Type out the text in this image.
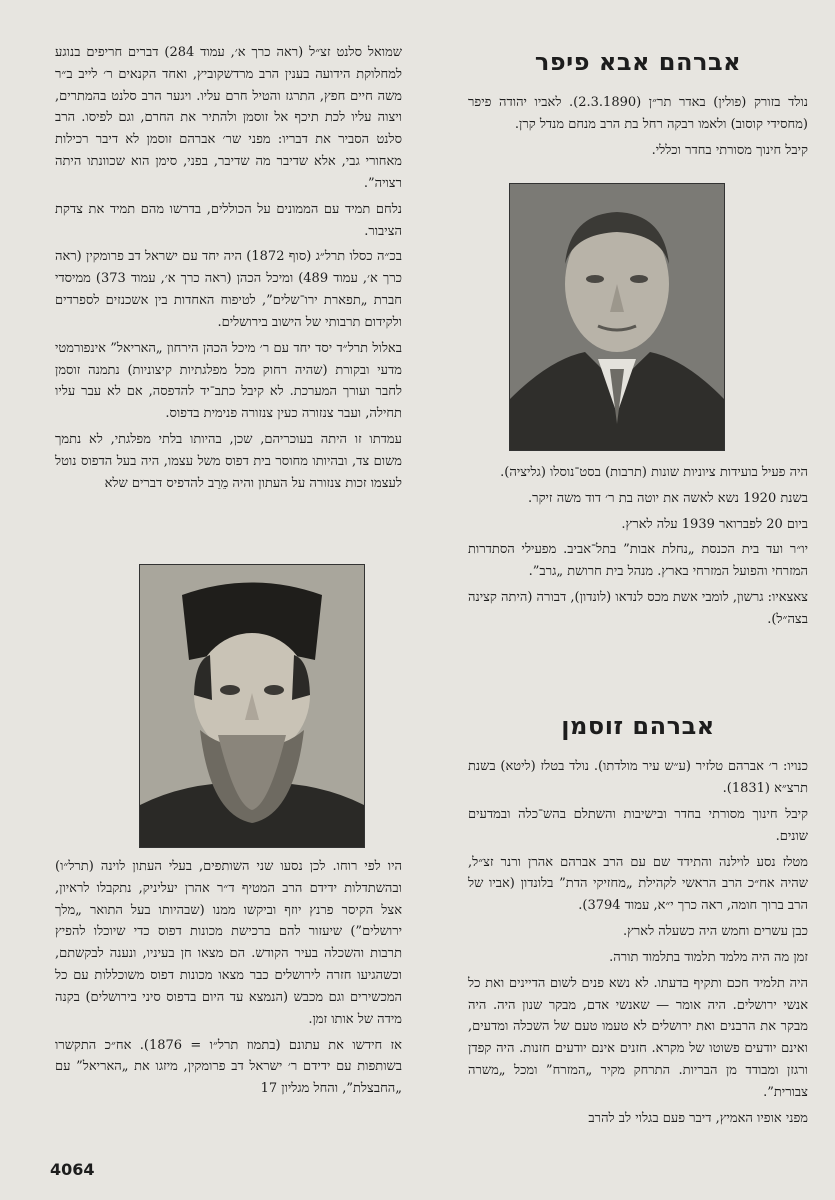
אברהם אבא פיפר

נולד בזורק (פולין) באדר תר״ן (2.3.1890). לאביו יהודה פיפר (מחסידי קוסוב) ולאמו רבקה רחל בת הרב מנחם מנדל קרן.

קיבל חינוך מסורתי בחדר וכללי.

היה פעיל בועידות ציוניות שונות (תרבות) בסט־נוסלו (גליציה).

בשנת 1920 נשא לאשה את יוטה בת ר׳ דוד משה זיקר.

ביום 20 לפברואר 1939 עלה לארץ.

יו״ר ועד בית הכנסת „נחלת אבות” בתל־אביב. מפעילי הסתדרות המזרחי והפועל המזרחי בארץ. מנהל בית חרושת „גרב”.

צאצאיו: גרשון, לומבי אשת מכס לנדאו (לונדון), דבורה (היתה קצינה בצה״ל).

אברהם זוסמן

כנויו: ר׳ אברהם טלזיר (ע״ש עיר מולדתו). נולד בטלז (ליטא) בשנת תרצ״א (1831).

קיבל חינוך מסורתי בחדר ובישיבות והשתלם בהש־כלה ובמדעים שונים.

מטלז נסע לוילנה והתידד שם עם הרב אברהם אהרן ורנר זצ״ל, שהיה אח״כ הרב הראשי לקהילת „מחזיקי הדת” בלונדון (אביו של הרב ברוך חומה, ראה כרך י״א, עמוד 3794).

כבן עשרים וחמש היה כשעלה לארץ.

זמן מה היה מלמד תלמוד בתלמוד תורה.

היה תלמיד חכם ותקיף בדעתו. לא נשא פנים לשום הדיינים ואת כל אנשי ירושלים. היה אומר — שאנשי אדם, מבקר שנון היה. היה מבקר את הרבנים ואת ירושלים לא טעמו טעם של השכלה ומדעים, ואינם יודעים פשוטו של מקרא. חזנים אינם יודעים חזנות. היה קפדן ורגזן ומבודד מן הבריות. התרחק מקיר „המזרח” ומכל „משרה צבורית”.

מפני אופיו האמיץ, דיבר פעם בגלוי לב להרב

שמואל סלנט זצ״ל (ראה כרך א׳, עמוד 284) דברים חריפים בנוגע למחלוקת הידועה בענין הרב מרדשקוביץ, ואחד הקנאים ר׳ לייב ב״ר משה חיים חפץ, התרגז והטיל חרם עליו. ויגער הרב סלנט בהמתרים, ויצוה עליו לכת תיכף אל זוסמן ולהתיר את החרם, וגם לפיסו. הרב סלנט הסביר את דבריו: מפני שר׳ אברהם זוסמן לא דיבר רכילות מאחורי גבי, אלא שדיבר מה שדיבר, בפני, סימן הוא שכוונתו היתה רצויה”.

נלחם תמיד עם הממונים על הכוללים, בדרשו מהם תמיד את צדקת הציבור.

בכ״ה כסלו תרל״ג (סוף 1872) היה יחד עם ישראל דב פרומקין (ראה כרך א׳, עמוד 489) ומיכל הכהן (ראה כרך א׳, עמוד 373) ממיסדי חברת „תפארת ירו־שלים”, לטיפוח האחדות בין אשכנזים לספרדים ולקידום תרבותי של הישוב בירושלים.

באלול תרל״ד יסד יחד עם ר׳ מיכל הכהן הירחון „האריאל” אינפורמטי מדעי ובקורת (שהיה רחוק מכל מפלגתיות קיצוניות) נתמנה זוסמן לחבר ועורך המערכת. לא קיבל כתב־יד להדפסה, אם לא עבר עליו תחילה, ועבר צנזורה כעין צנזורה פנימית בדפוס.

עמדתו זו היתה בעוכריהם, שכן, בהיותו בלתי מפלגתי, לא נתמך משום צד, ובהיותו מחוסר בית דפוס משל עצמו, היה בעל הדפוס נוטל לעצמו זכות צנזורה על העתון והיה מֵרַב להדפיס דברים שלא

היו לפי רוחו. לכן נסעו שני השותפים, בעלי העתון לוינה (תרל״ו) ובהשתדלות ידידם הרב המטיף ד״ר אהרן יעליניק, נתקבלו לראיון, אצל הקיסר פרנץ יוזף וביקשו ממנו (שבהיותו בעל התואר „מלך ירושלים”) שיעזור להם ברכישת מכונות דפוס כדי שיוכלו להפיץ תרבות והשכלה בעיר הקודש. הם מצאו חן בעיניו, ונענה לבקשתם, וכשהגיעו חזרה לירושלים כבר מצאו מכונות דפוס משוכללות עם כל המכשירים וגם מכבש (הנמצא עד היום בדפוס סיני בירושלים) בקנה מידה של אותו זמן.

אז חידשו את עתונם (בתמוז תרל״ו = 1876). אח״כ התקשרו בשותפות עם ידידם ר׳ ישראל דב פרומקין, מיזגו את „האריאל” עם „החבצלת”, והחל מגליון 17

4064
